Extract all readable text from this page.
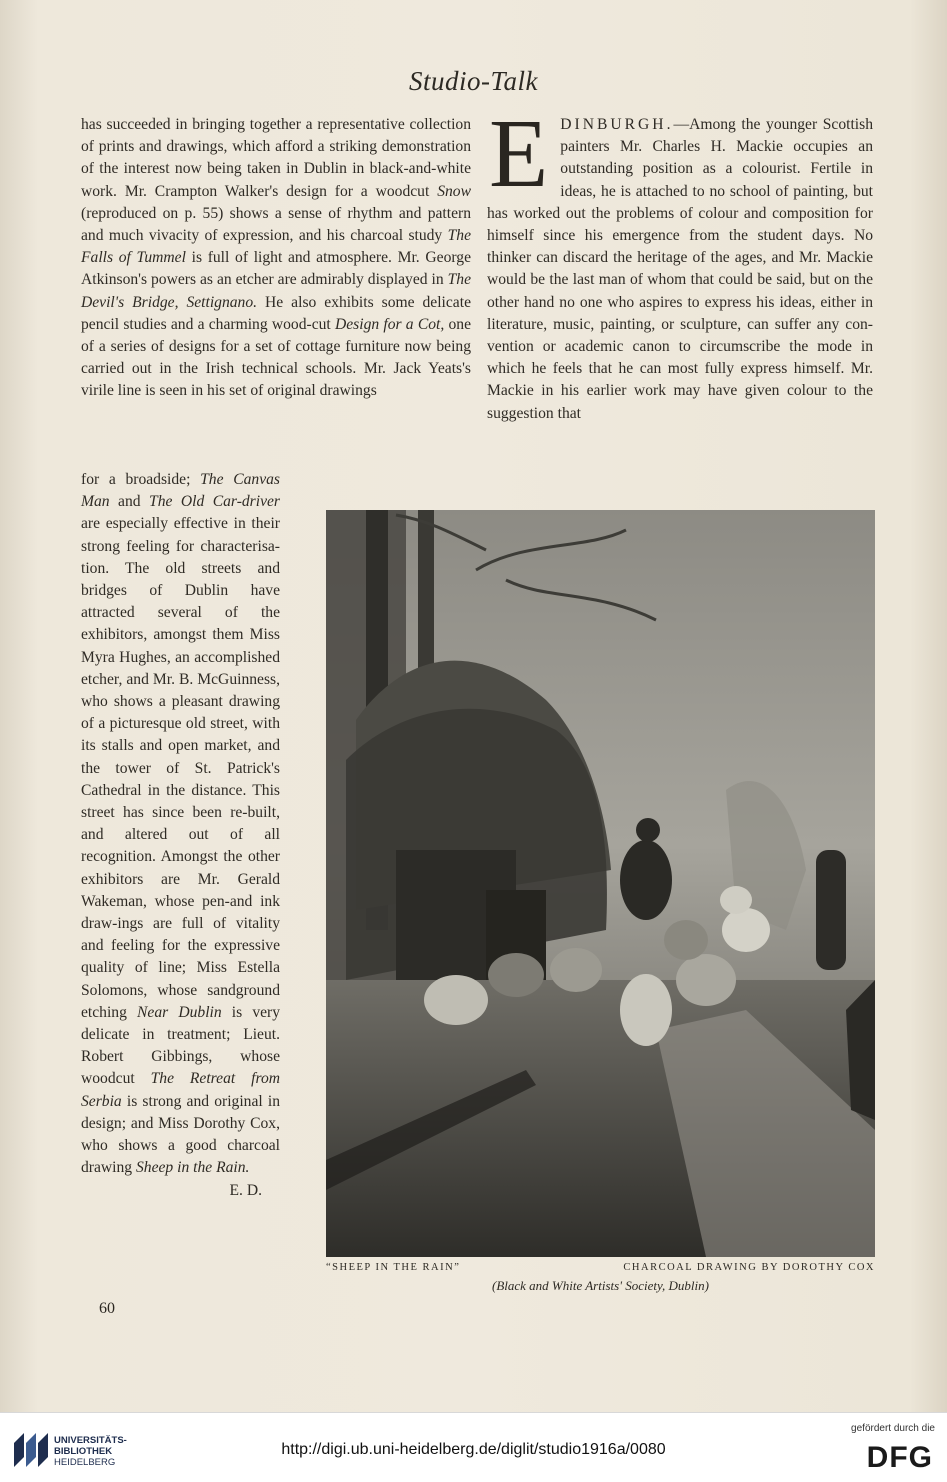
Studio-Talk
has succeeded in bringing together a representative collection of prints and drawings, which afford a striking demonstration of the interest now being taken in Dublin in black-and-white work. Mr. Crampton Walker's design for a woodcut Snow (reproduced on p. 55) shows a sense of rhythm and pattern and much vivacity of expression, and his charcoal study The Falls of Tummel is full of light and atmosphere. Mr. George Atkinson's powers as an etcher are admirably displayed in The Devil's Bridge, Settignano. He also exhibits some delicate pencil studies and a charming wood-cut Design for a Cot, one of a series of designs for a set of cottage furniture now being carried out in the Irish technical schools. Mr. Jack Yeats's virile line is seen in his set of original drawings
for a broadside; The Canvas Man and The Old Car-driver are especially effective in their strong feeling for characterisa-tion. The old streets and bridges of Dublin have attracted several of the exhibitors, amongst them Miss Myra Hughes, an accomplished etcher, and Mr. B. McGuinness, who shows a pleasant drawing of a picturesque old street, with its stalls and open market, and the tower of St. Patrick's Cathedral in the distance. This street has since been re-built, and altered out of all recognition. Amongst the other exhibitors are Mr. Gerald Wakeman, whose pen-and ink draw-ings are full of vitality and feeling for the expressive quality of line; Miss Estella Solomons, whose sandground etching Near Dublin is very delicate in treatment; Lieut. Robert Gibbings, whose woodcut The Retreat from Serbia is strong and original in design; and Miss Dorothy Cox, who shows a good charcoal drawing Sheep in the Rain.
E. D.
EDINBURGH.—Among the younger Scottish painters Mr. Charles H. Mackie occupies an outstanding position as a colourist. Fertile in ideas, he is attached to no school of painting, but has worked out the problems of colour and composition for himself since his emergence from the student days. No thinker can discard the heritage of the ages, and Mr. Mackie would be the last man of whom that could be said, but on the other hand no one who aspires to express his ideas, either in literature, music, painting, or sculpture, can suffer any con-vention or academic canon to circumscribe the mode in which he feels that he can most fully express himself. Mr. Mackie in his earlier work may have given colour to the suggestion that
“SHEEP IN THE RAIN”	CHARCOAL DRAWING BY DOROTHY COX
(Black and White Artists' Society, Dublin)
60
UNIVERSITÄTS-
BIBLIOTHEK
HEIDELBERG
http://digi.ub.uni-heidelberg.de/diglit/studio1916a/0080
gefördert durch die
DFG
